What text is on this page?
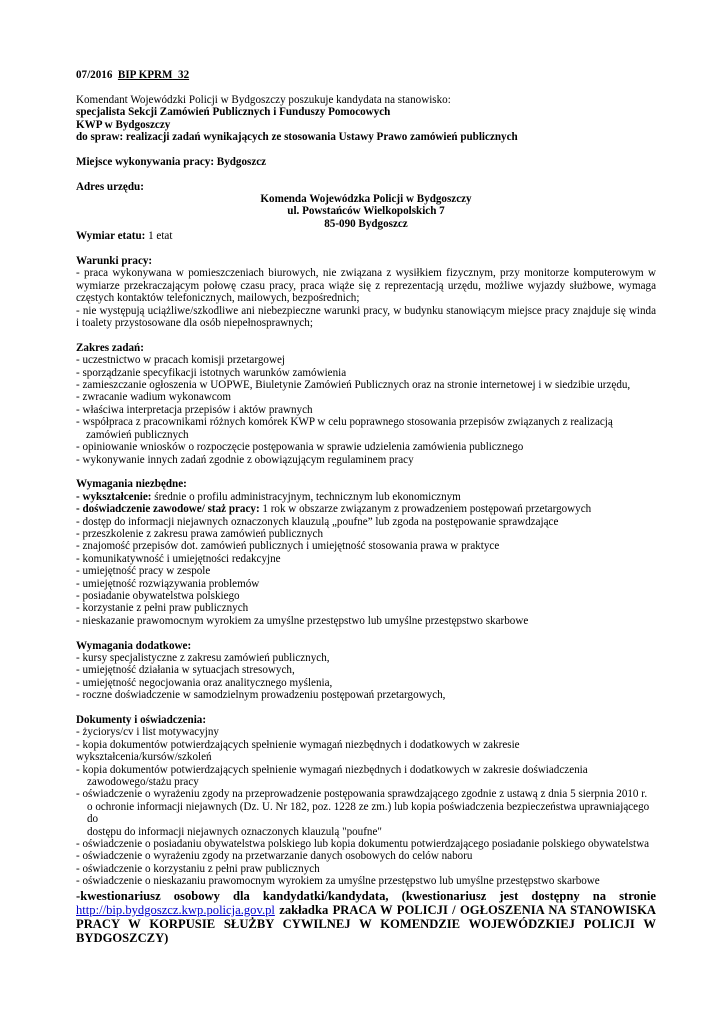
07/2016 BIP KPRM 32

Komendant Wojewódzki Policji w Bydgoszczy poszukuje kandydata na stanowisko:

specjalista Sekcji Zamówień Publicznych i Funduszy Pomocowych

KWP w Bydgoszczy

do spraw: realizacji zadań wynikających ze stosowania Ustawy Prawo zamówień publicznych

Miejsce wykonywania pracy: Bydgoszcz

Adres urzędu:

Komenda Wojewódzka Policji w Bydgoszczy

ul. Powstańców Wielkopolskich 7

85-090 Bydgoszcz

Wymiar etatu: 1 etat

Warunki pracy:

- praca wykonywana w pomieszczeniach biurowych, nie związana z wysiłkiem fizycznym, przy monitorze komputerowym w wymiarze przekraczającym połowę czasu pracy, praca wiąże się z reprezentacją urzędu, możliwe wyjazdy służbowe, wymaga częstych kontaktów telefonicznych, mailowych, bezpośrednich;

- nie występują uciążliwe/szkodliwe ani niebezpieczne warunki pracy, w budynku stanowiącym miejsce pracy znajduje się winda i toalety przystosowane dla osób niepełnosprawnych;

Zakres zadań:

- uczestnictwo w pracach komisji przetargowej

- sporządzanie specyfikacji istotnych warunków zamówienia

- zamieszczanie ogłoszenia w UOPWE, Biuletynie Zamówień Publicznych oraz na stronie internetowej i w siedzibie urzędu,

- zwracanie wadium wykonawcom

- właściwa interpretacja przepisów i aktów prawnych

- współpraca z pracownikami różnych komórek KWP w celu poprawnego stosowania przepisów związanych z realizacją

zamówień publicznych

- opiniowanie wniosków o rozpoczęcie postępowania w sprawie udzielenia zamówienia publicznego

- wykonywanie innych zadań zgodnie z obowiązującym regulaminem pracy

Wymagania niezbędne:

- wykształcenie: średnie o profilu administracyjnym, technicznym lub ekonomicznym

- doświadczenie zawodowe/ staż pracy: 1 rok w obszarze związanym z prowadzeniem postępowań przetargowych

- dostęp do informacji niejawnych oznaczonych klauzulą „poufne” lub zgoda na postępowanie sprawdzające

- przeszkolenie z zakresu prawa zamówień publicznych

- znajomość przepisów dot. zamówień publicznych i umiejętność stosowania prawa w praktyce

- komunikatywność i umiejętności redakcyjne

- umiejętność pracy w zespole

- umiejętność rozwiązywania problemów

- posiadanie obywatelstwa polskiego

- korzystanie z pełni praw publicznych

- nieskazanie prawomocnym wyrokiem za umyślne przestępstwo lub umyślne przestępstwo skarbowe

Wymagania dodatkowe:

- kursy specjalistyczne z zakresu zamówień publicznych,

- umiejętność działania w sytuacjach stresowych,

- umiejętność negocjowania oraz analitycznego myślenia,

- roczne doświadczenie w samodzielnym prowadzeniu postępowań przetargowych,

Dokumenty i oświadczenia:

- życiorys/cv i list motywacyjny

- kopia dokumentów potwierdzających spełnienie wymagań niezbędnych i dodatkowych w zakresie wykształcenia/kursów/szkoleń

- kopia dokumentów potwierdzających spełnienie wymagań niezbędnych i dodatkowych w zakresie doświadczenia

zawodowego/stażu pracy

- oświadczenie o wyrażeniu zgody na przeprowadzenie postępowania sprawdzającego zgodnie z ustawą z dnia 5 sierpnia 2010 r.

o ochronie informacji niejawnych (Dz. U. Nr 182, poz. 1228 ze zm.) lub kopia poświadczenia bezpieczeństwa uprawniającego do

dostępu do informacji niejawnych oznaczonych klauzulą "poufne"

- oświadczenie o posiadaniu obywatelstwa polskiego lub kopia dokumentu potwierdzającego posiadanie polskiego obywatelstwa

- oświadczenie o wyrażeniu zgody na przetwarzanie danych osobowych do celów naboru

- oświadczenie o korzystaniu z pełni praw publicznych

- oświadczenie o nieskazaniu prawomocnym wyrokiem za umyślne przestępstwo lub umyślne przestępstwo skarbowe

-kwestionariusz osobowy dla kandydatki/kandydata, (kwestionariusz jest dostępny na stronie http://bip.bydgoszcz.kwp.policja.gov.pl zakładka PRACA W POLICJI / OGŁOSZENIA NA STANOWISKA PRACY W KORPUSIE SŁUŻBY CYWILNEJ W KOMENDZIE WOJEWÓDZKIEJ POLICJI W BYDGOSZCZY)
